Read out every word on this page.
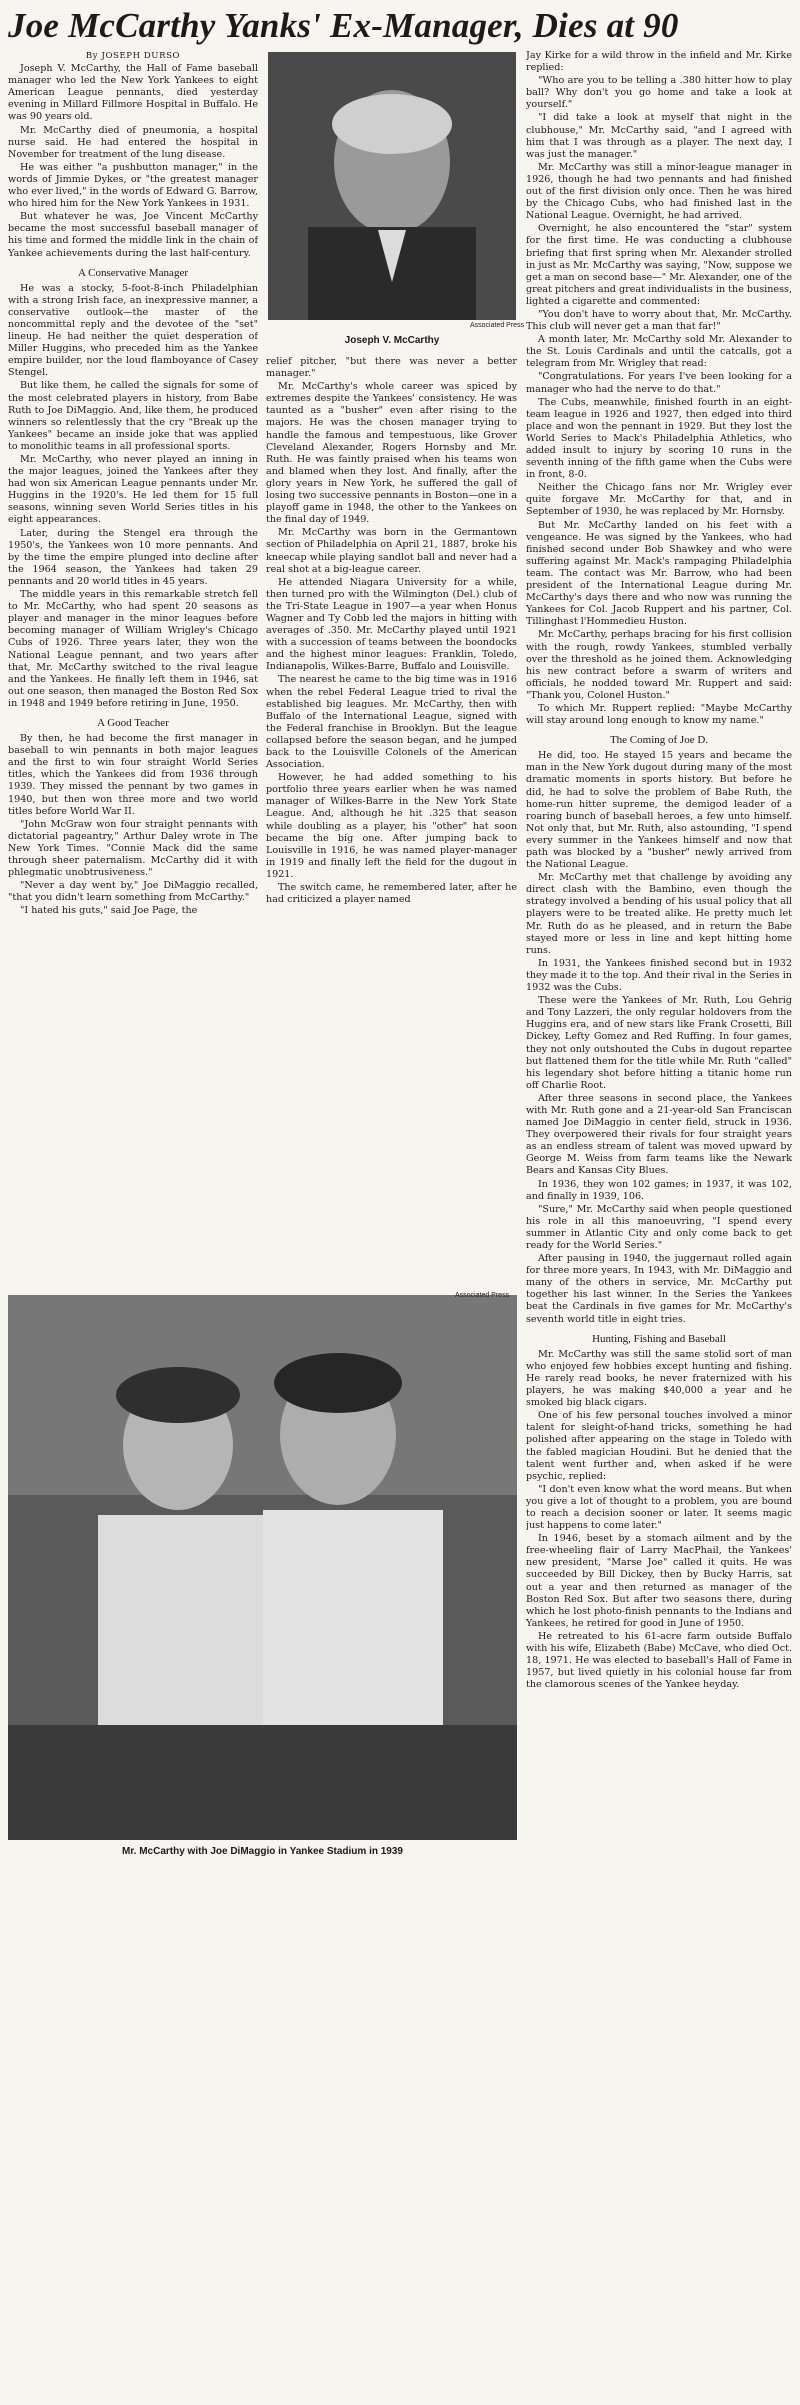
Joe McCarthy Yanks' Ex-Manager, Dies at 90

By JOSEPH DURSO

Joseph V. McCarthy, the Hall of Fame baseball manager who led the New York Yankees to eight American League pennants, died yesterday evening in Millard Fillmore Hospital in Buffalo. He was 90 years old.

Mr. McCarthy died of pneumonia, a hospital nurse said. He had entered the hospital in November for treatment of the lung disease.

He was either "a pushbutton manager," in the words of Jimmie Dykes, or "the greatest manager who ever lived," in the words of Edward G. Barrow, who hired him for the New York Yankees in 1931.

But whatever he was, Joe Vincent McCarthy became the most successful baseball manager of his time and formed the middle link in the chain of Yankee achievements during the last half-century.

A Conservative Manager

He was a stocky, 5-foot-8-inch Philadelphian with a strong Irish face, an inexpressive manner, a conservative outlook—the master of the noncommittal reply and the devotee of the "set" lineup. He had neither the quiet desperation of Miller Huggins, who preceded him as the Yankee empire builder, nor the loud flamboyance of Casey Stengel.

But like them, he called the signals for some of the most celebrated players in history, from Babe Ruth to Joe DiMaggio. And, like them, he produced winners so relentlessly that the cry "Break up the Yankees" became an inside joke that was applied to monolithic teams in all professional sports.

Mr. McCarthy, who never played an inning in the major leagues, joined the Yankees after they had won six American League pennants under Mr. Huggins in the 1920's. He led them for 15 full seasons, winning seven World Series titles in his eight appearances.

Later, during the Stengel era through the 1950's, the Yankees won 10 more pennants. And by the time the empire plunged into decline after the 1964 season, the Yankees had taken 29 pennants and 20 world titles in 45 years.

The middle years in this remarkable stretch fell to Mr. McCarthy, who had spent 20 seasons as player and manager in the minor leagues before becoming manager of William Wrigley's Chicago Cubs of 1926. Three years later, they won the National League pennant, and two years after that, Mr. McCarthy switched to the rival league and the Yankees. He finally left them in 1946, sat out one season, then managed the Boston Red Sox in 1948 and 1949 before retiring in June, 1950.

A Good Teacher

By then, he had become the first manager in baseball to win pennants in both major leagues and the first to win four straight World Series titles, which the Yankees did from 1936 through 1939. They missed the pennant by two games in 1940, but then won three more and two world titles before World War II.

"John McGraw won four straight pennants with dictatorial pageantry," Arthur Daley wrote in The New York Times. "Connie Mack did the same through sheer paternalism. McCarthy did it with phlegmatic unobtrusiveness."

"Never a day went by," Joe DiMaggio recalled, "that you didn't learn something from McCarthy."

"I hated his guts," said Joe Page, the

Associated Press
Joseph V. McCarthy

relief pitcher, "but there was never a better manager."

Mr. McCarthy's whole career was spiced by extremes despite the Yankees' consistency. He was taunted as a "busher" even after rising to the majors. He was the chosen manager trying to handle the famous and tempestuous, like Grover Cleveland Alexander, Rogers Hornsby and Mr. Ruth. He was faintly praised when his teams won and blamed when they lost. And finally, after the glory years in New York, he suffered the gall of losing two successive pennants in Boston—one in a playoff game in 1948, the other to the Yankees on the final day of 1949.

Mr. McCarthy was born in the Germantown section of Philadelphia on April 21, 1887, broke his kneecap while playing sandlot ball and never had a real shot at a big-league career.

He attended Niagara University for a while, then turned pro with the Wilmington (Del.) club of the Tri-State League in 1907—a year when Honus Wagner and Ty Cobb led the majors in hitting with averages of .350. Mr. McCarthy played until 1921 with a succession of teams between the boondocks and the highest minor leagues: Franklin, Toledo, Indianapolis, Wilkes-Barre, Buffalo and Louisville.

The nearest he came to the big time was in 1916 when the rebel Federal League tried to rival the established big leagues. Mr. McCarthy, then with Buffalo of the International League, signed with the Federal franchise in Brooklyn. But the league collapsed before the season began, and he jumped back to the Louisville Colonels of the American Association.

However, he had added something to his portfolio three years earlier when he was named manager of Wilkes-Barre in the New York State League. And, although he hit .325 that season while doubling as a player, his "other" hat soon became the big one. After jumping back to Louisville in 1916, he was named player-manager in 1919 and finally left the field for the dugout in 1921.

The switch came, he remembered later, after he had criticized a player named

Associated Press
Mr. McCarthy with Joe DiMaggio in Yankee Stadium in 1939

Jay Kirke for a wild throw in the infield and Mr. Kirke replied:

"Who are you to be telling a .380 hitter how to play ball? Why don't you go home and take a look at yourself."

"I did take a look at myself that night in the clubhouse," Mr. McCarthy said, "and I agreed with him that I was through as a player. The next day, I was just the manager."

Mr. McCarthy was still a minor-league manager in 1926, though he had two pennants and had finished out of the first division only once. Then he was hired by the Chicago Cubs, who had finished last in the National League. Overnight, he had arrived.

Overnight, he also encountered the "star" system for the first time. He was conducting a clubhouse briefing that first spring when Mr. Alexander strolled in just as Mr. McCarthy was saying, "Now, suppose we get a man on second base—" Mr. Alexander, one of the great pitchers and great individualists in the business, lighted a cigarette and commented:

"You don't have to worry about that, Mr. McCarthy. This club will never get a man that far!"

A month later, Mr. McCarthy sold Mr. Alexander to the St. Louis Cardinals and until the catcalls, got a telegram from Mr. Wrigley that read:

"Congratulations. For years I've been looking for a manager who had the nerve to do that."

The Cubs, meanwhile, finished fourth in an eight-team league in 1926 and 1927, then edged into third place and won the pennant in 1929. But they lost the World Series to Mack's Philadelphia Athletics, who added insult to injury by scoring 10 runs in the seventh inning of the fifth game when the Cubs were in front, 8-0.

Neither the Chicago fans nor Mr. Wrigley ever quite forgave Mr. McCarthy for that, and in September of 1930, he was replaced by Mr. Hornsby.

But Mr. McCarthy landed on his feet with a vengeance. He was signed by the Yankees, who had finished second under Bob Shawkey and who were suffering against Mr. Mack's rampaging Philadelphia team. The contact was Mr. Barrow, who had been president of the International League during Mr. McCarthy's days there and who now was running the Yankees for Col. Jacob Ruppert and his partner, Col. Tillinghast l'Hommedieu Huston.

Mr. McCarthy, perhaps bracing for his first collision with the rough, rowdy Yankees, stumbled verbally over the threshold as he joined them. Acknowledging his new contract before a swarm of writers and officials, he nodded toward Mr. Ruppert and said: "Thank you, Colonel Huston."

To which Mr. Ruppert replied: "Maybe McCarthy will stay around long enough to know my name."

The Coming of Joe D.

He did, too. He stayed 15 years and became the man in the New York dugout during many of the most dramatic moments in sports history. But before he did, he had to solve the problem of Babe Ruth, the home-run hitter supreme, the demigod leader of a roaring bunch of baseball heroes, a few unto himself. Not only that, but Mr. Ruth, also astounding, "I spend every summer in the Yankees himself and now that path was blocked by a "busher" newly arrived from the National League.

Mr. McCarthy met that challenge by avoiding any direct clash with the Bambino, even though the strategy involved a bending of his usual policy that all players were to be treated alike. He pretty much let Mr. Ruth do as he pleased, and in return the Babe stayed more or less in line and kept hitting home runs.

In 1931, the Yankees finished second but in 1932 they made it to the top. And their rival in the Series in 1932 was the Cubs.

These were the Yankees of Mr. Ruth, Lou Gehrig and Tony Lazzeri, the only regular holdovers from the Huggins era, and of new stars like Frank Crosetti, Bill Dickey, Lefty Gomez and Red Ruffing. In four games, they not only outshouted the Cubs in dugout repartee but flattened them for the title while Mr. Ruth "called" his legendary shot before hitting a titanic home run off Charlie Root.

After three seasons in second place, the Yankees with Mr. Ruth gone and a 21-year-old San Franciscan named Joe DiMaggio in center field, struck in 1936. They overpowered their rivals for four straight years as an endless stream of talent was moved upward by George M. Weiss from farm teams like the Newark Bears and Kansas City Blues.

In 1936, they won 102 games; in 1937, it was 102, and finally in 1939, 106.

"Sure," Mr. McCarthy said when people questioned his role in all this manoeuvring, "I spend every summer in Atlantic City and only come back to get ready for the World Series."

After pausing in 1940, the juggernaut rolled again for three more years. In 1943, with Mr. DiMaggio and many of the others in service, Mr. McCarthy put together his last winner. In the Series the Yankees beat the Cardinals in five games for Mr. McCarthy's seventh world title in eight tries.

Hunting, Fishing and Baseball

Mr. McCarthy was still the same stolid sort of man who enjoyed few hobbies except hunting and fishing. He rarely read books, he never fraternized with his players, he was making $40,000 a year and he smoked big black cigars.

One of his few personal touches involved a minor talent for sleight-of-hand tricks, something he had polished after appearing on the stage in Toledo with the fabled magician Houdini. But he denied that the talent went further and, when asked if he were psychic, replied:

"I don't even know what the word means. But when you give a lot of thought to a problem, you are bound to reach a decision sooner or later. It seems magic just happens to come later."

In 1946, beset by a stomach ailment and by the free-wheeling flair of Larry MacPhail, the Yankees' new president, "Marse Joe" called it quits. He was succeeded by Bill Dickey, then by Bucky Harris, sat out a year and then returned as manager of the Boston Red Sox. But after two seasons there, during which he lost photo-finish pennants to the Indians and Yankees, he retired for good in June of 1950.

He retreated to his 61-acre farm outside Buffalo with his wife, Elizabeth (Babe) McCave, who died Oct. 18, 1971. He was elected to baseball's Hall of Fame in 1957, but lived quietly in his colonial house far from the clamorous scenes of the Yankee heyday.
